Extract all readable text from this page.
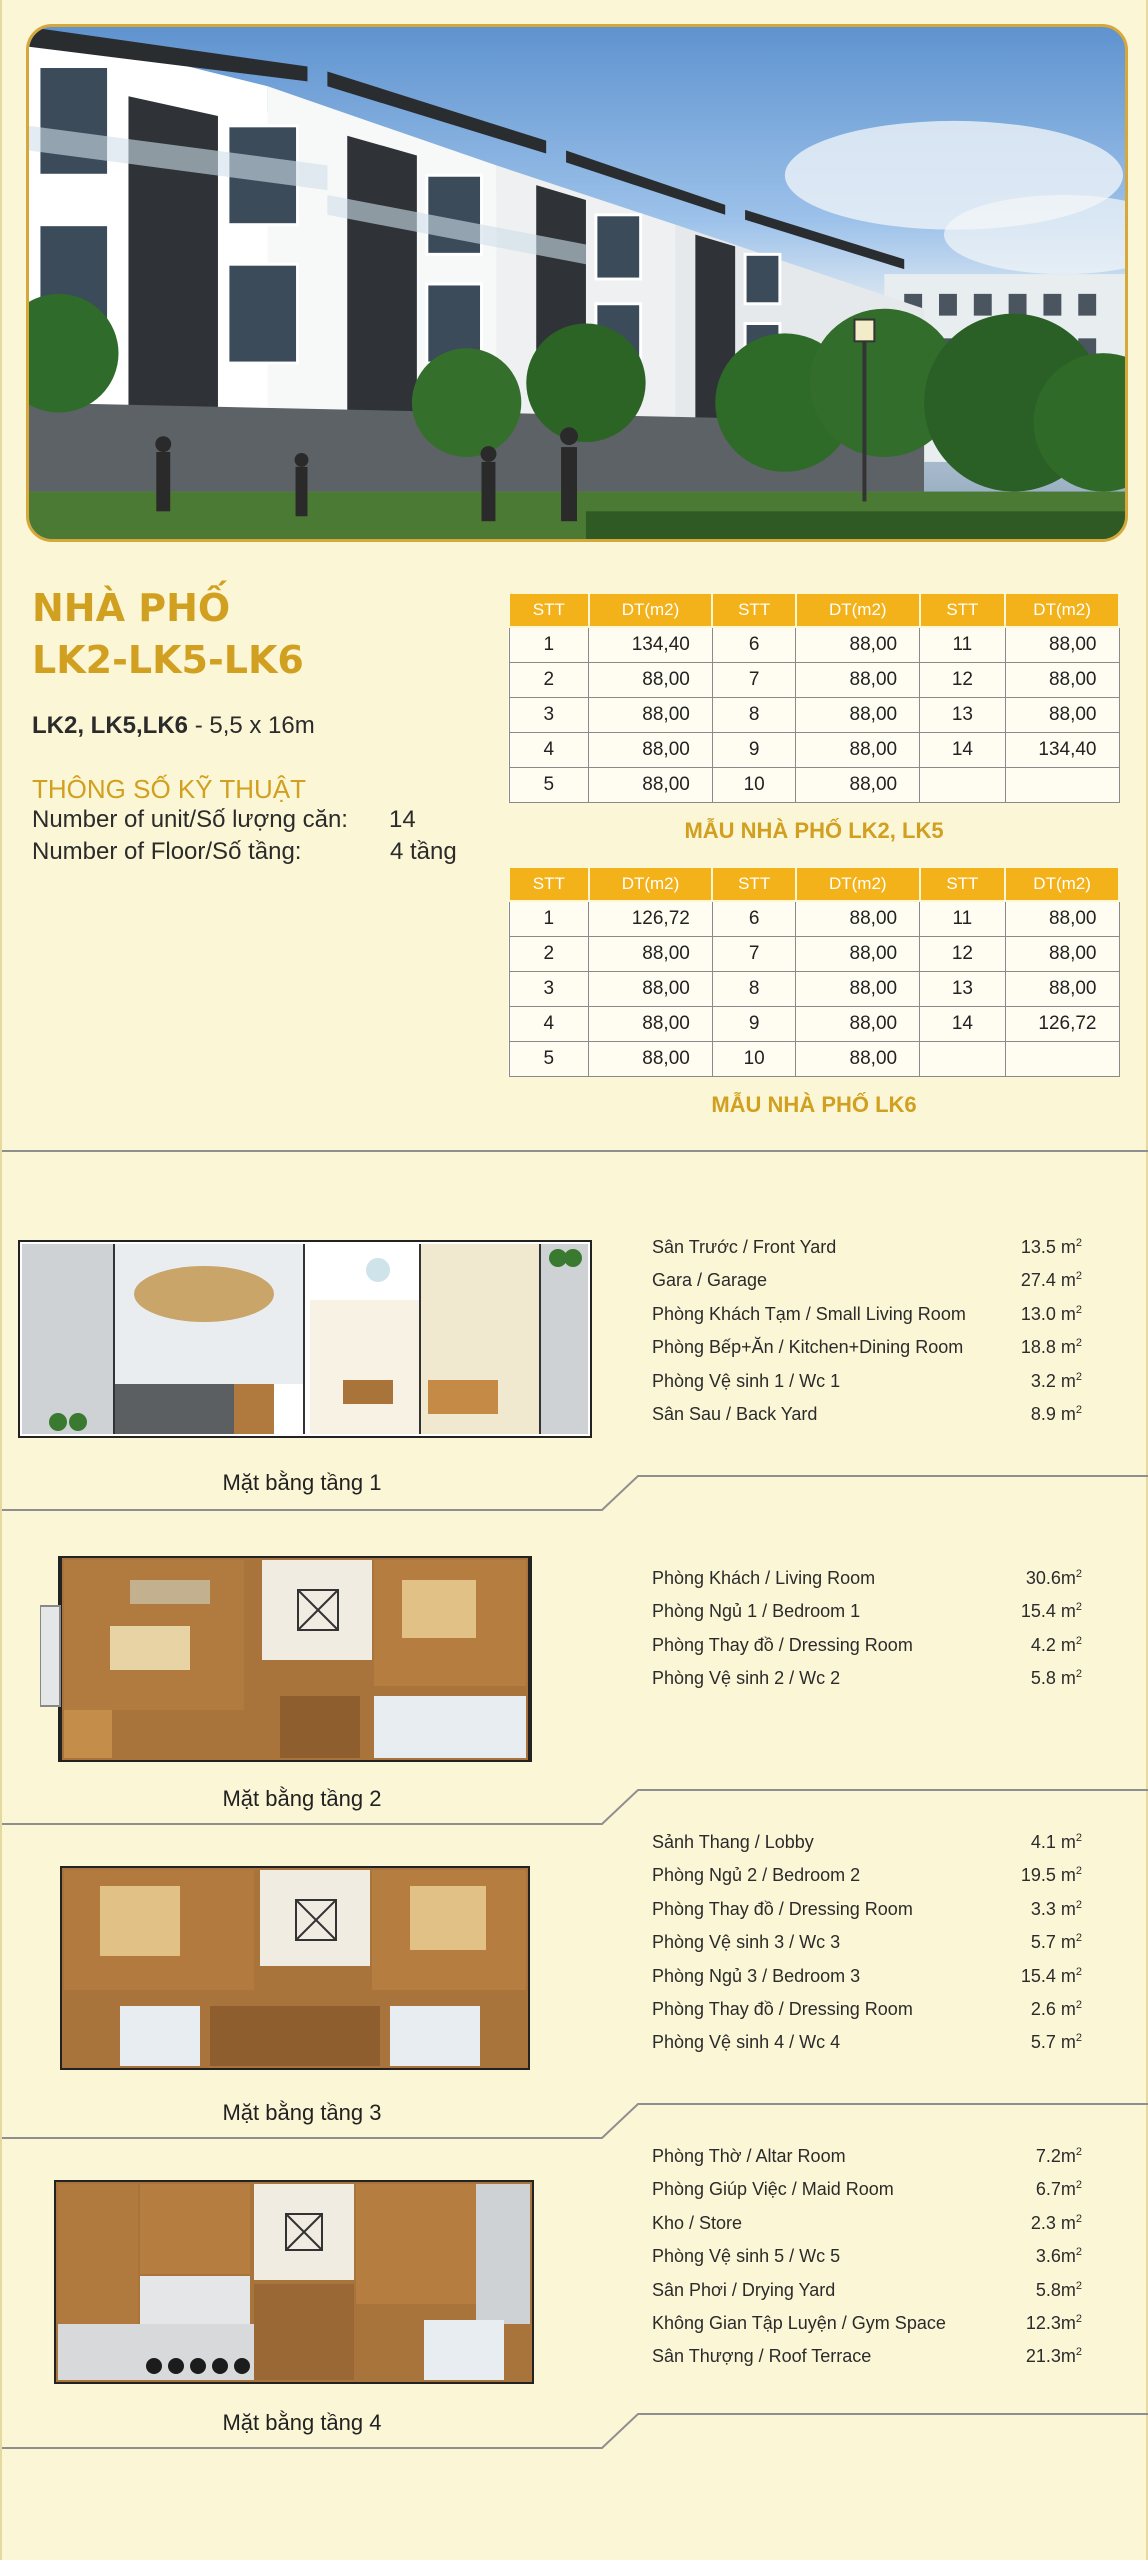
NHÀ PHỐ
LK2-LK5-LK6
LK2, LK5,LK6 - 5,5 x 16m
THÔNG SỐ KỸ THUẬT
Number of unit/Số lượng căn: 14
Number of Floor/Số tầng:	4 tầng
STT	DT(m2)	STT	DT(m2)	STT	DT(m2)
1	134,40	6	88,00	11	88,00
2	88,00	7	88,00	12	88,00
3	88,00	8	88,00	13	88,00
4	88,00	9	88,00	14	134,40
5	88,00	10	88,00		
MẪU NHÀ PHỐ LK2, LK5
STT	DT(m2)	STT	DT(m2)	STT	DT(m2)
1	126,72	6	88,00	11	88,00
2	88,00	7	88,00	12	88,00
3	88,00	8	88,00	13	88,00
4	88,00	9	88,00	14	126,72
5	88,00	10	88,00		
MẪU NHÀ PHỐ LK6
Mặt bằng tầng 1
Sân Trước / Front Yard	13.5 $m^2$
Gara / Garage	27.4 $m^2$
Phòng Khách Tạm / Small Living Room	13.0 $m^2$
Phòng Bếp+Ăn / Kitchen+Dining Room	18.8 $m^2$
Phòng Vệ sinh 1 / Wc 1	3.2 $m^2$
Sân Sau / Back Yard	8.9 $m^2$
Mặt bằng tầng 2
Phòng Khách / Living Room	$30.6m^2$
Phòng Ngủ 1 / Bedroom 1	15.4 $m^2$
Phòng Thay đồ / Dressing Room	4.2 $m^2$
Phòng Vệ sinh 2 / Wc 2	5.8 $m^2$
Mặt bằng tầng 3
Sảnh Thang / Lobby	4.1 $m^2$
Phòng Ngủ 2 / Bedroom 2	19.5 $m^2$
Phòng Thay đồ / Dressing Room	3.3 $m^2$
Phòng Vệ sinh 3 / Wc 3	5.7 $m^2$
Phòng Ngủ 3 / Bedroom 3	15.4 $m^2$
Phòng Thay đồ / Dressing Room	2.6 $m^2$
Phòng Vệ sinh 4 / Wc 4	5.7 $m^2$
Mặt bằng tầng 4
Phòng Thờ / Altar Room	$7.2m^2$
Phòng Giúp Việc / Maid Room	$6.7m^2$
Kho / Store	2.3 $m^2$
Phòng Vệ sinh 5 / Wc 5	$3.6m^2$
Sân Phơi / Drying Yard	$5.8m^2$
Không Gian Tập Luyện / Gym Space	$12.3m^2$
Sân Thượng / Roof Terrace	$21.3m^2$
